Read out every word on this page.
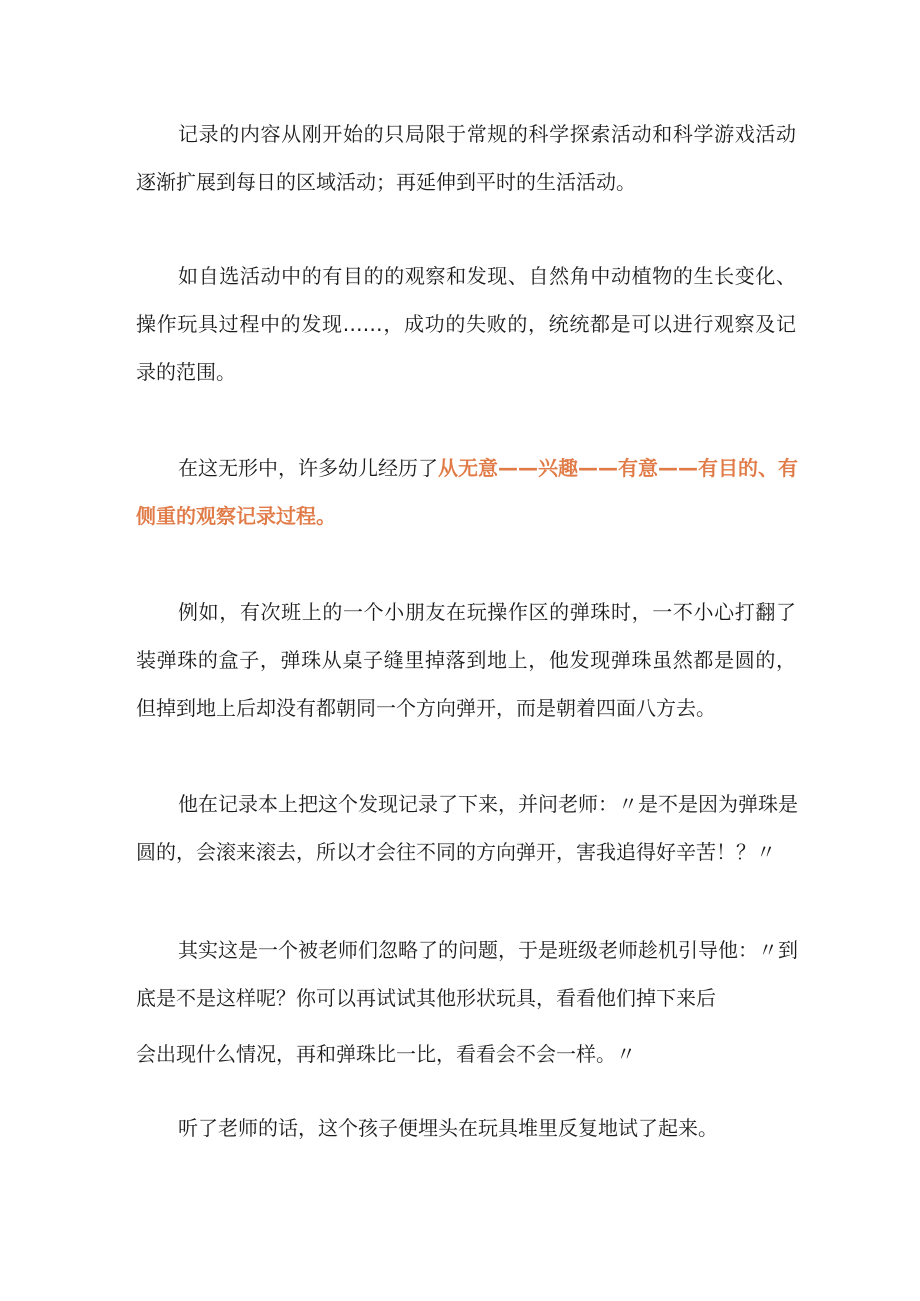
记录的内容从刚开始的只局限于常规的科学探索活动和科学游戏活动
逐渐扩展到每日的区域活动；再延伸到平时的生活活动。
如自选活动中的有目的的观察和发现、自然角中动植物的生长变化、
操作玩具过程中的发现……，成功的失败的，统统都是可以进行观察及记
录的范围。
在这无形中，许多幼儿经历了从无意——兴趣——有意——有目的、有
侧重的观察记录过程。
例如，有次班上的一个小朋友在玩操作区的弹珠时，一不小心打翻了
装弹珠的盒子，弹珠从桌子缝里掉落到地上，他发现弹珠虽然都是圆的，
但掉到地上后却没有都朝同一个方向弹开，而是朝着四面八方去。
他在记录本上把这个发现记录了下来，并问老师：〃是不是因为弹珠是
圆的，会滚来滚去，所以才会往不同的方向弹开，害我追得好辛苦！？〃
其实这是一个被老师们忽略了的问题，于是班级老师趁机引导他：〃到
底是不是这样呢？你可以再试试其他形状玩具，看看他们掉下来后
会出现什么情况，再和弹珠比一比，看看会不会一样。〃
听了老师的话，这个孩子便埋头在玩具堆里反复地试了起来。
